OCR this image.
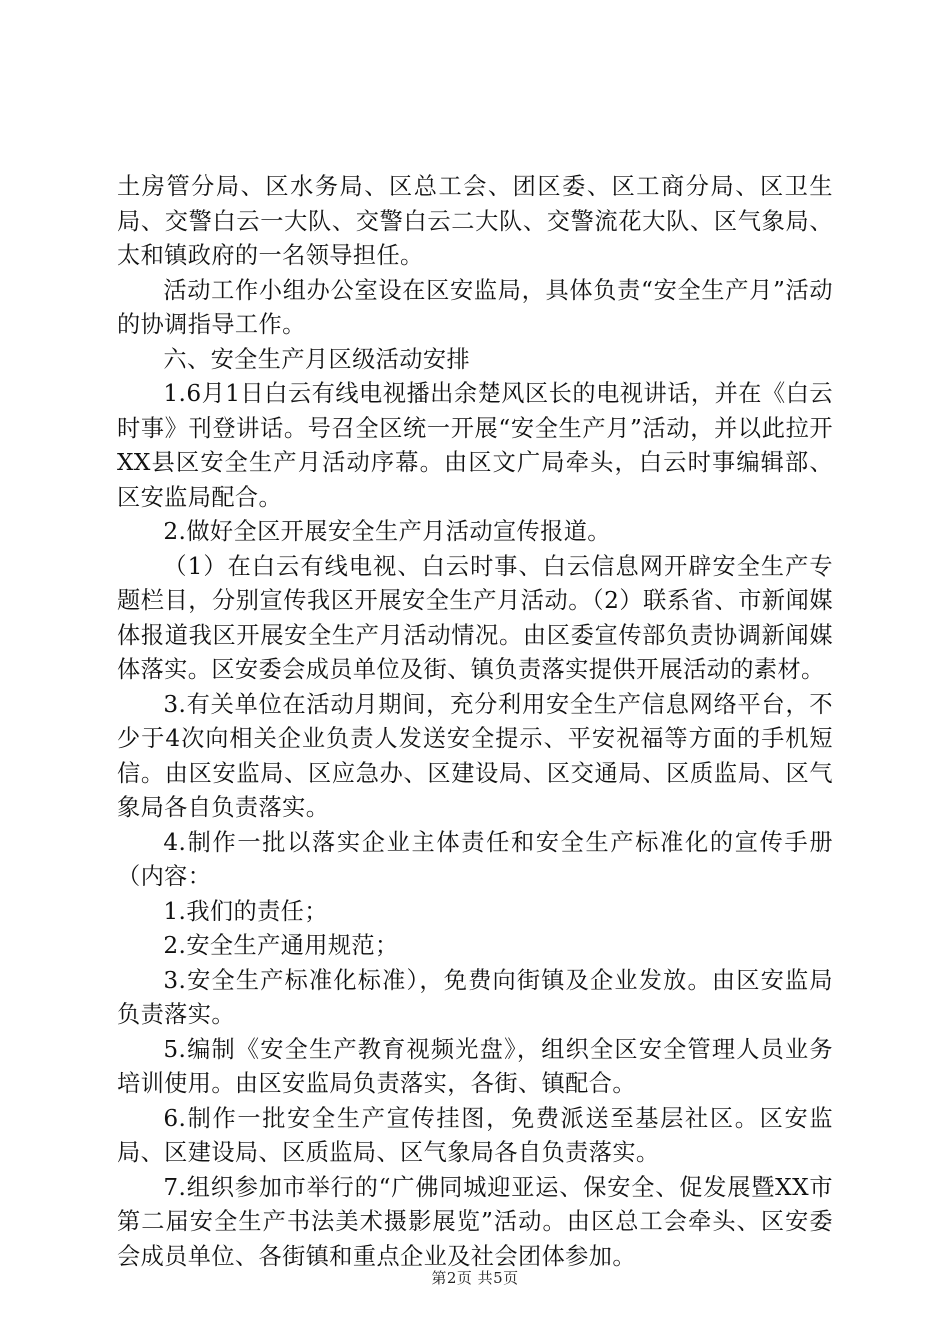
土房管分局、区水务局、区总工会、团区委、区工商分局、区卫生局、交警白云一大队、交警白云二大队、交警流花大队、区气象局、太和镇政府的一名领导担任。

活动工作小组办公室设在区安监局，具体负责“安全生产月”活动的协调指导工作。

六、安全生产月区级活动安排

1.6月1日白云有线电视播出余楚风区长的电视讲话，并在《白云时事》刊登讲话。号召全区统一开展“安全生产月”活动，并以此拉开XX县区安全生产月活动序幕。由区文广局牵头，白云时事编辑部、区安监局配合。

2.做好全区开展安全生产月活动宣传报道。

（1）在白云有线电视、白云时事、白云信息网开辟安全生产专题栏目，分别宣传我区开展安全生产月活动。（2）联系省、市新闻媒体报道我区开展安全生产月活动情况。由区委宣传部负责协调新闻媒体落实。区安委会成员单位及街、镇负责落实提供开展活动的素材。

3.有关单位在活动月期间，充分利用安全生产信息网络平台，不少于4次向相关企业负责人发送安全提示、平安祝福等方面的手机短信。由区安监局、区应急办、区建设局、区交通局、区质监局、区气象局各自负责落实。

4.制作一批以落实企业主体责任和安全生产标准化的宣传手册（内容：

1.我们的责任；

2.安全生产通用规范；

3.安全生产标准化标准），免费向街镇及企业发放。由区安监局负责落实。

5.编制《安全生产教育视频光盘》，组织全区安全管理人员业务培训使用。由区安监局负责落实，各街、镇配合。

6.制作一批安全生产宣传挂图，免费派送至基层社区。区安监局、区建设局、区质监局、区气象局各自负责落实。

7.组织参加市举行的“广佛同城迎亚运、保安全、促发展暨XX市第二届安全生产书法美术摄影展览”活动。由区总工会牵头、区安委会成员单位、各街镇和重点企业及社会团体参加。

第2页 共5页
